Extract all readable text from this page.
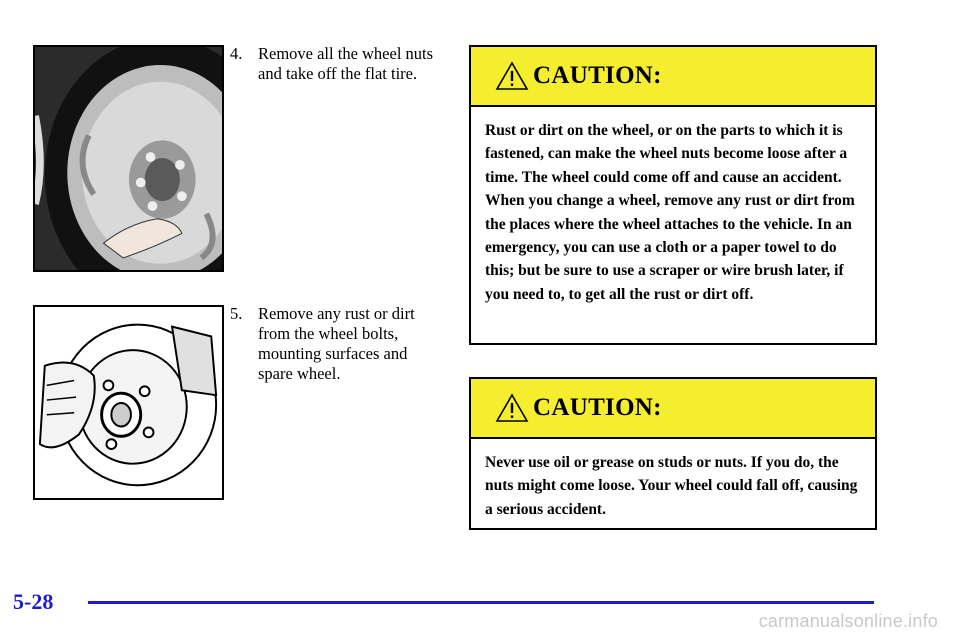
4. Remove all the wheel nuts and take off the flat tire.
5. Remove any rust or dirt from the wheel bolts, mounting surfaces and spare wheel.
CAUTION:
Rust or dirt on the wheel, or on the parts to which it is fastened, can make the wheel nuts become loose after a time. The wheel could come off and cause an accident. When you change a wheel, remove any rust or dirt from the places where the wheel attaches to the vehicle. In an emergency, you can use a cloth or a paper towel to do this; but be sure to use a scraper or wire brush later, if you need to, to get all the rust or dirt off.
CAUTION:
Never use oil or grease on studs or nuts. If you do, the nuts might come loose. Your wheel could fall off, causing a serious accident.
5-28
carmanualsonline.info
